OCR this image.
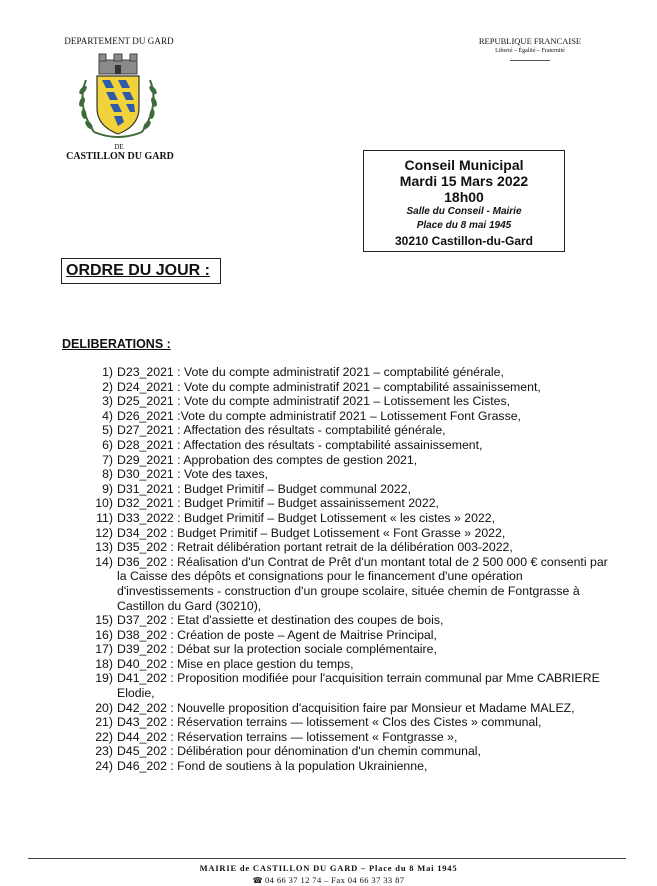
DEPARTEMENT DU GARD
DE
CASTILLON DU GARD
REPUBLIQUE FRANCAISE
Liberté – Égalité – Fraternité
Conseil Municipal
Mardi 15 Mars 2022
18h00
Salle du Conseil - Mairie
Place du 8 mai 1945
30210 Castillon-du-Gard
ORDRE DU JOUR :
DELIBERATIONS :
1) D23_2021 : Vote du compte administratif 2021 – comptabilité générale,
2) D24_2021 : Vote du compte administratif 2021 – comptabilité assainissement,
3) D25_2021 : Vote du compte administratif 2021 – Lotissement les Cistes,
4) D26_2021 :Vote du compte administratif 2021 – Lotissement Font Grasse,
5) D27_2021 : Affectation des résultats - comptabilité générale,
6) D28_2021 : Affectation des résultats - comptabilité assainissement,
7) D29_2021 : Approbation des comptes de gestion 2021,
8) D30_2021 : Vote des taxes,
9) D31_2021 : Budget Primitif – Budget communal 2022,
10) D32_2021 : Budget Primitif – Budget assainissement 2022,
11) D33_2022 : Budget Primitif – Budget Lotissement « les cistes » 2022,
12) D34_202 : Budget Primitif – Budget Lotissement « Font Grasse » 2022,
13) D35_202 : Retrait délibération portant retrait de la délibération 003-2022,
14) D36_202 : Réalisation d'un Contrat de Prêt d'un montant total de 2 500 000 € consenti par la Caisse des dépôts et consignations pour le financement d'une opération d'investissements - construction d'un groupe scolaire, située chemin de Fontgrasse à Castillon du Gard (30210),
15) D37_202 : Etat d'assiette et destination des coupes de bois,
16) D38_202 : Création de poste – Agent de Maitrise Principal,
17) D39_202 : Débat sur la protection sociale complémentaire,
18) D40_202 : Mise en place gestion du temps,
19) D41_202 : Proposition modifiée pour l'acquisition terrain communal par Mme CABRIERE Elodie,
20) D42_202 : Nouvelle proposition d'acquisition faire par Monsieur et Madame MALEZ,
21) D43_202 : Réservation terrains — lotissement « Clos des Cistes » communal,
22) D44_202 : Réservation terrains — lotissement « Fontgrasse »,
23) D45_202 : Délibération pour dénomination d'un chemin communal,
24) D46_202 : Fond de soutiens à la population Ukrainienne,
MAIRIE de CASTILLON DU GARD – Place du 8 Mai 1945
☎ 04 66 37 12 74 – Fax 04 66 37 33 87
